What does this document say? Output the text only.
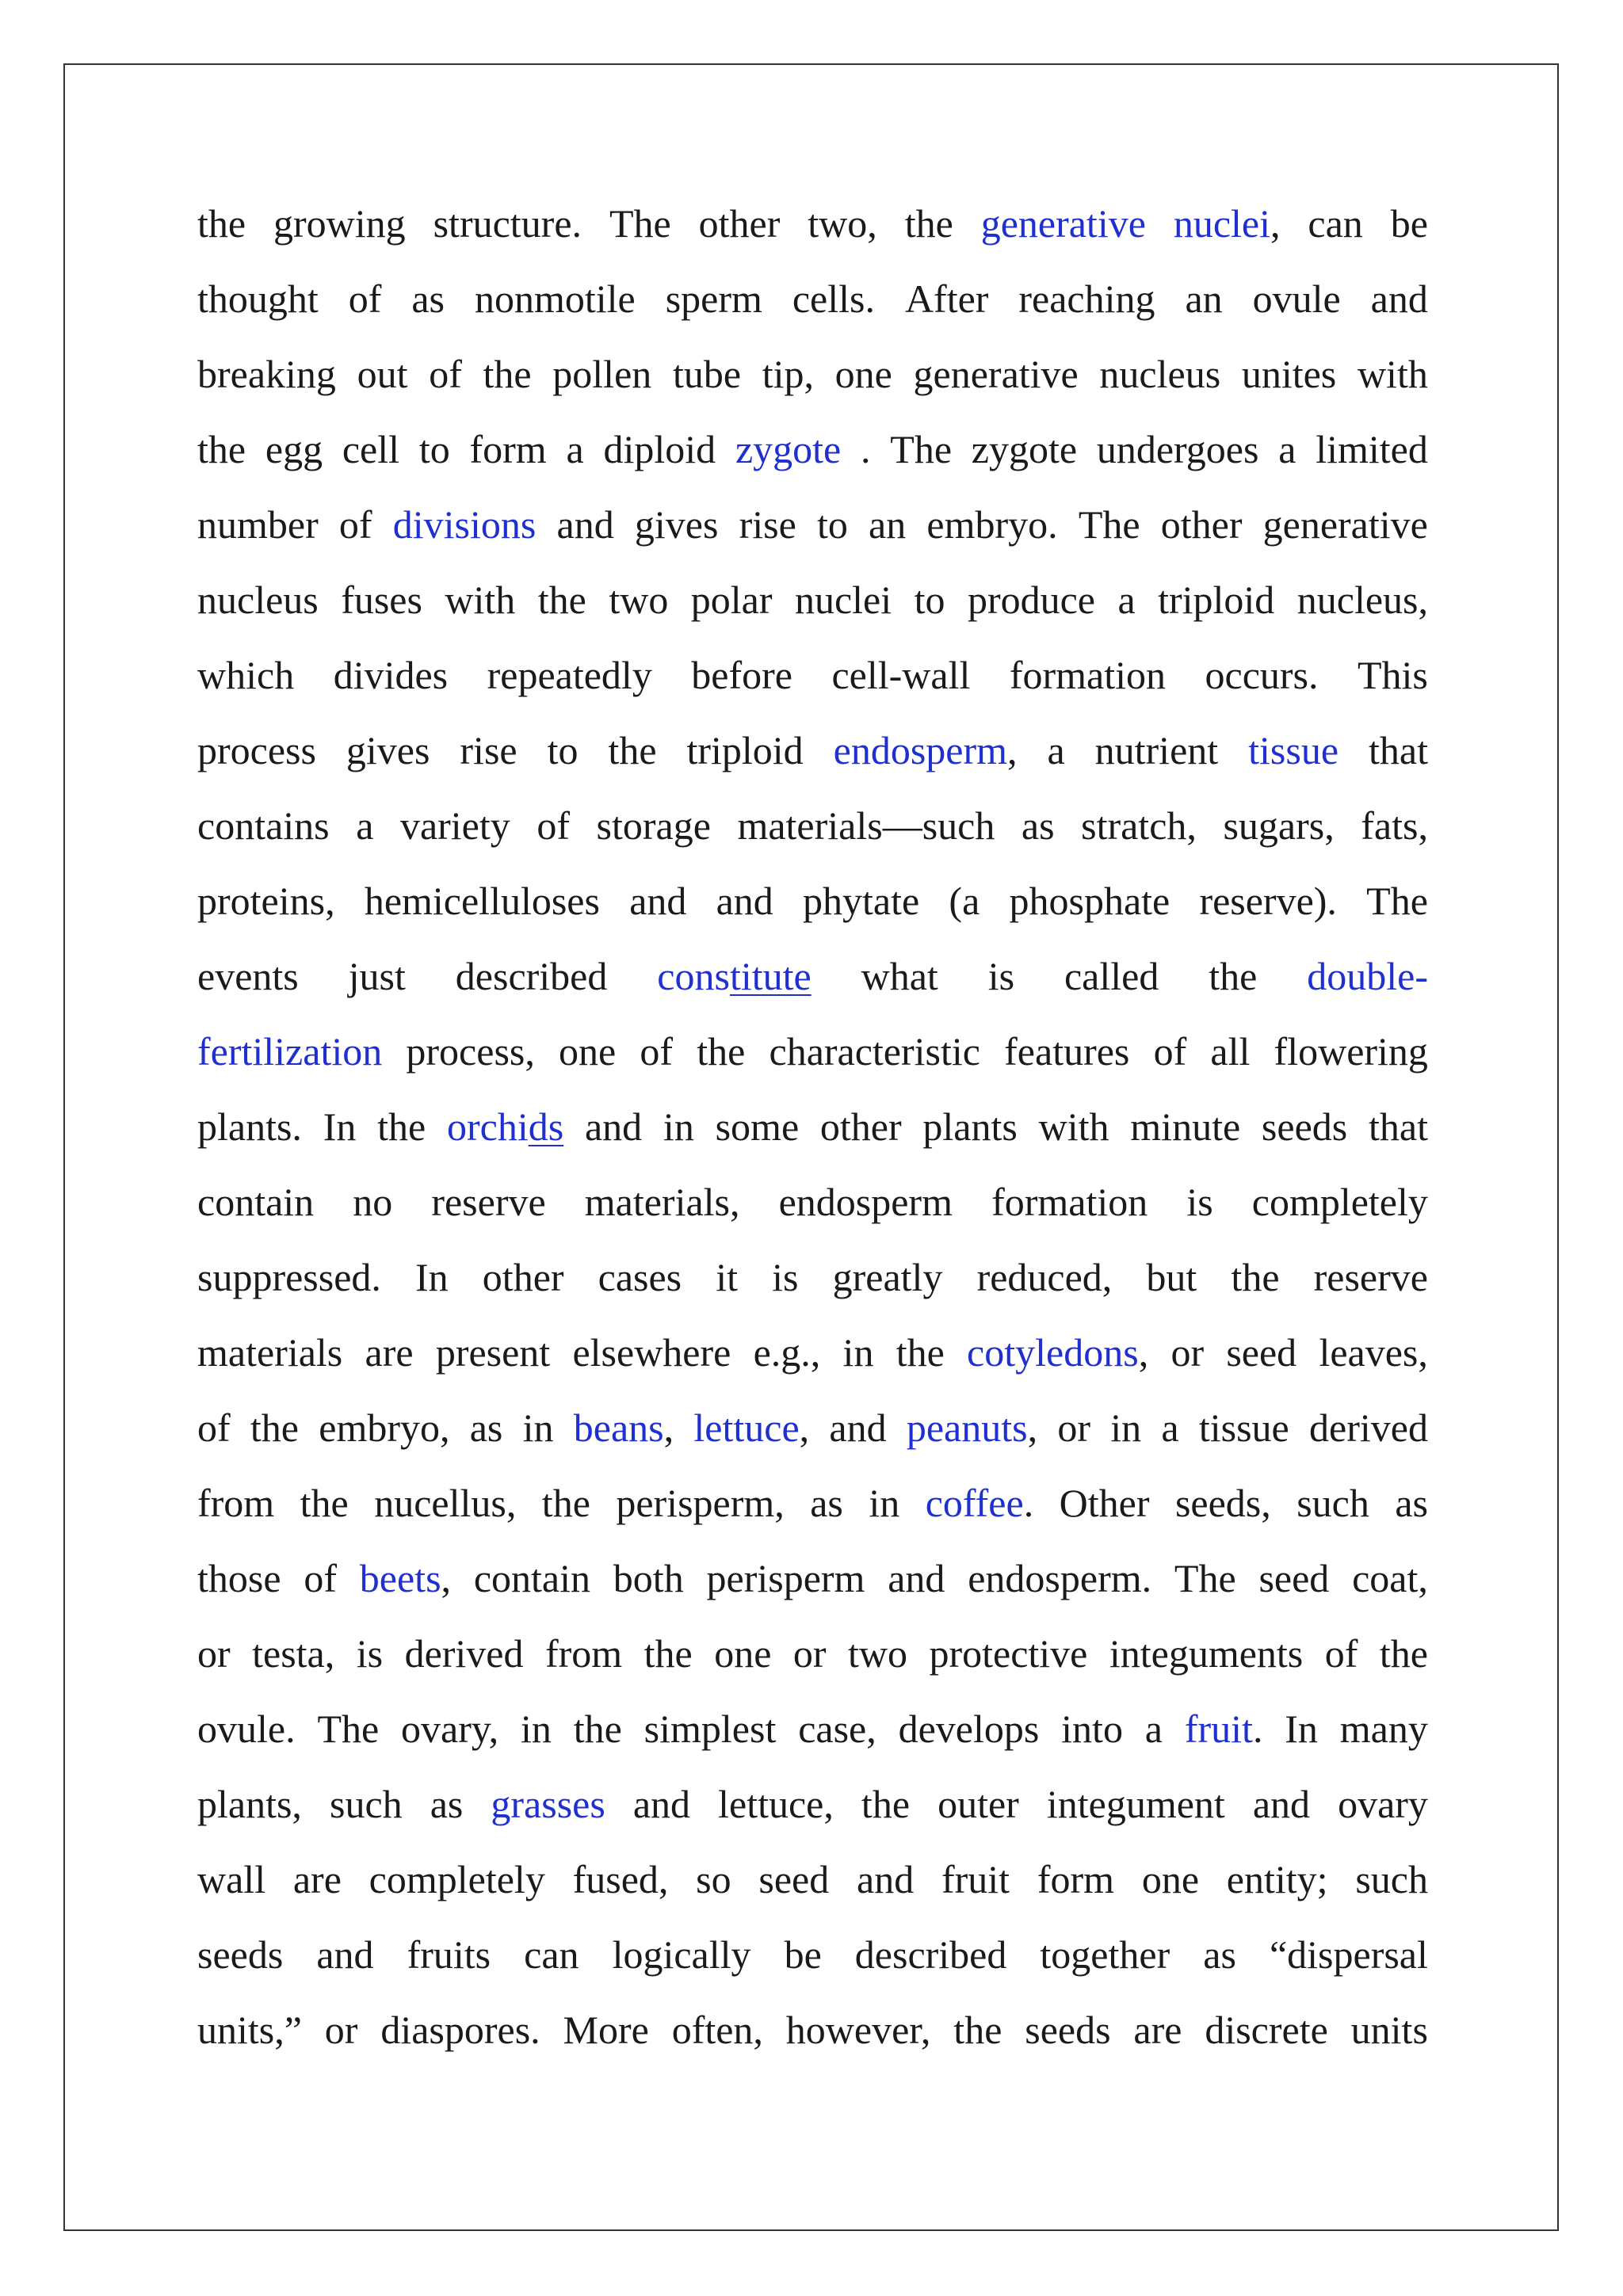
the growing structure. The other two, the generative nuclei, can be
thought of as nonmotile sperm cells. After reaching an ovule and
breaking out of the pollen tube tip, one generative nucleus unites with
the egg cell to form a diploid zygote . The zygote undergoes a limited
number of divisions and gives rise to an embryo. The other generative
nucleus fuses with the two polar nuclei to produce a triploid nucleus,
which divides repeatedly before cell-wall formation occurs. This
process gives rise to the triploid endosperm, a nutrient tissue that
contains a variety of storage materials—such as stratch, sugars, fats,
proteins, hemicelluloses and and phytate (a phosphate reserve). The
events just described constitute what is called the double-
fertilization process, one of the characteristic features of all flowering
plants. In the orchids and in some other plants with minute seeds that
contain no reserve materials, endosperm formation is completely
suppressed. In other cases it is greatly reduced, but the reserve
materials are present elsewhere e.g., in the cotyledons, or seed leaves,
of the embryo, as in beans, lettuce, and peanuts, or in a tissue derived
from the nucellus, the perisperm, as in coffee. Other seeds, such as
those of beets, contain both perisperm and endosperm. The seed coat,
or testa, is derived from the one or two protective integuments of the
ovule. The ovary, in the simplest case, develops into a fruit. In many
plants, such as grasses and lettuce, the outer integument and ovary
wall are completely fused, so seed and fruit form one entity; such
seeds and fruits can logically be described together as “dispersal
units,” or diaspores. More often, however, the seeds are discrete units
